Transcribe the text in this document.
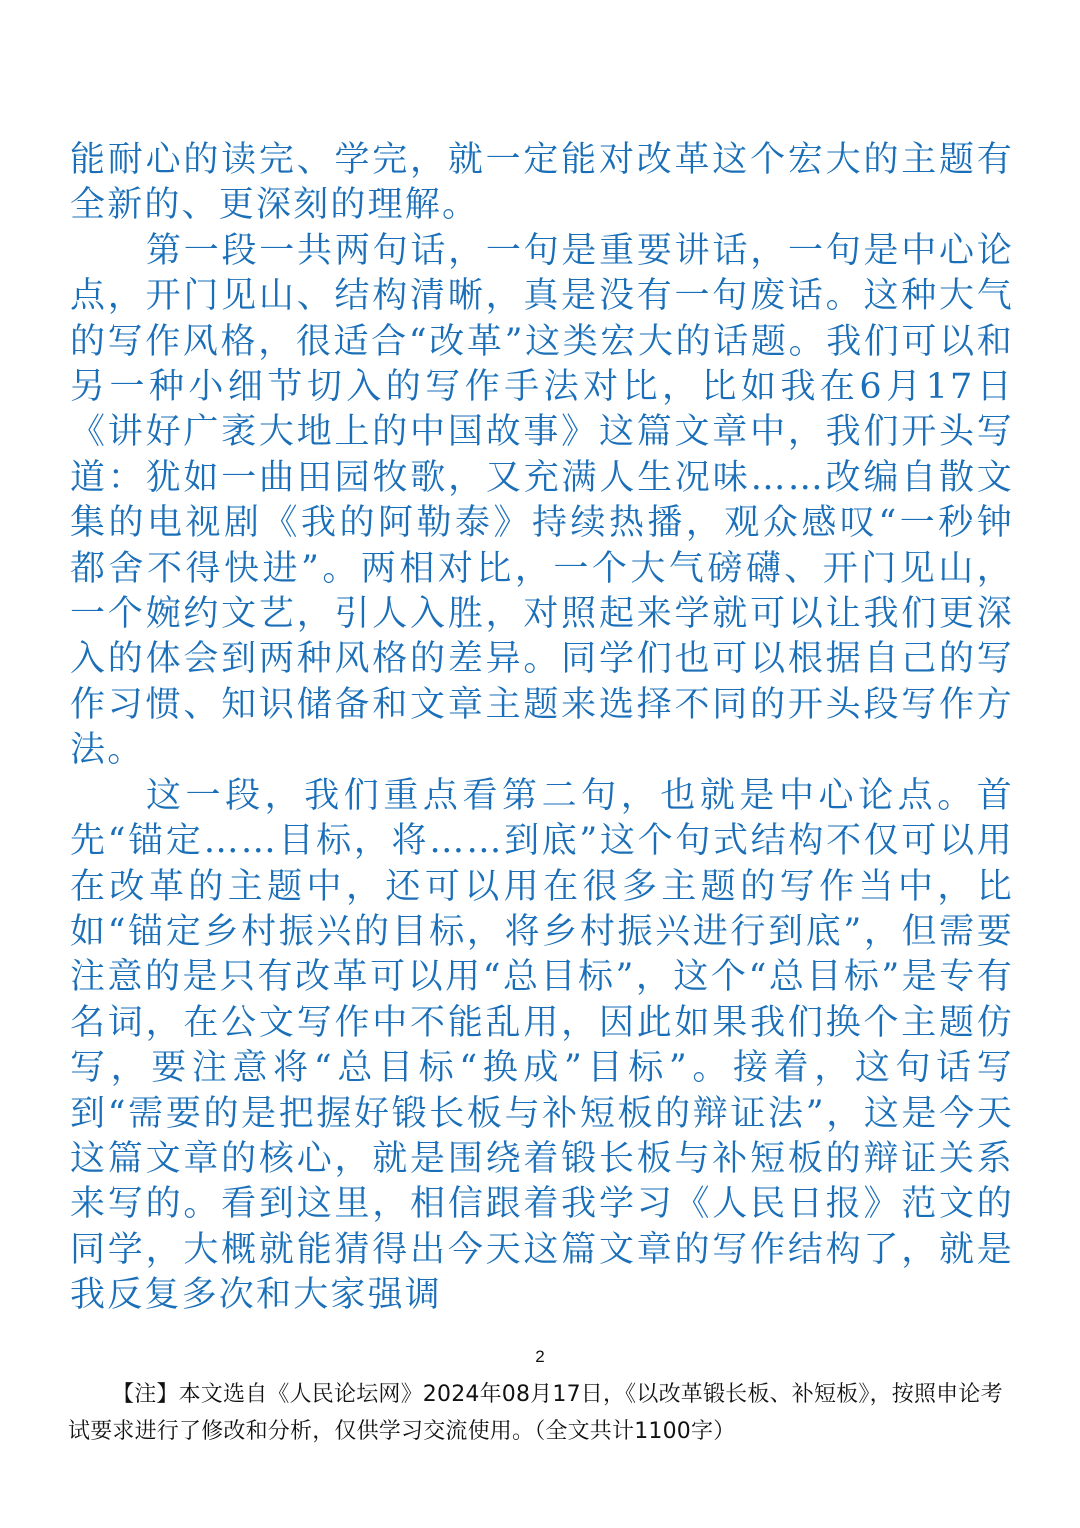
能耐心的读完、学完，就一定能对改革这个宏大的主题有全新的、更深刻的理解。

第一段一共两句话，一句是重要讲话，一句是中心论点，开门见山、结构清晰，真是没有一句废话。这种大气的写作风格，很适合“改革”这类宏大的话题。我们可以和另一种小细节切入的写作手法对比，比如我在6月17日《讲好广袤大地上的中国故事》这篇文章中，我们开头写道：犹如一曲田园牧歌，又充满人生况味……改编自散文集的电视剧《我的阿勒泰》持续热播，观众感叹“一秒钟都舍不得快进”。两相对比，一个大气磅礴、开门见山，一个婉约文艺，引人入胜，对照起来学就可以让我们更深入的体会到两种风格的差异。同学们也可以根据自己的写作习惯、知识储备和文章主题来选择不同的开头段写作方法。

这一段，我们重点看第二句，也就是中心论点。首先“锚定……目标，将……到底”这个句式结构不仅可以用在改革的主题中，还可以用在很多主题的写作当中，比如“锚定乡村振兴的目标，将乡村振兴进行到底”，但需要注意的是只有改革可以用“总目标”，这个“总目标”是专有名词，在公文写作中不能乱用，因此如果我们换个主题仿写，要注意将“总目标“换成”目标”。接着，这句话写到“需要的是把握好锻长板与补短板的辩证法”，这是今天这篇文章的核心，就是围绕着锻长板与补短板的辩证关系来写的。看到这里，相信跟着我学习《人民日报》范文的同学，大概就能猜得出今天这篇文章的写作结构了，就是我反复多次和大家强调

2

【注】本文选自《人民论坛网》2024年08月17日，《以改革锻长板、补短板》，按照申论考试要求进行了修改和分析，仅供学习交流使用。（全文共计1100字）
